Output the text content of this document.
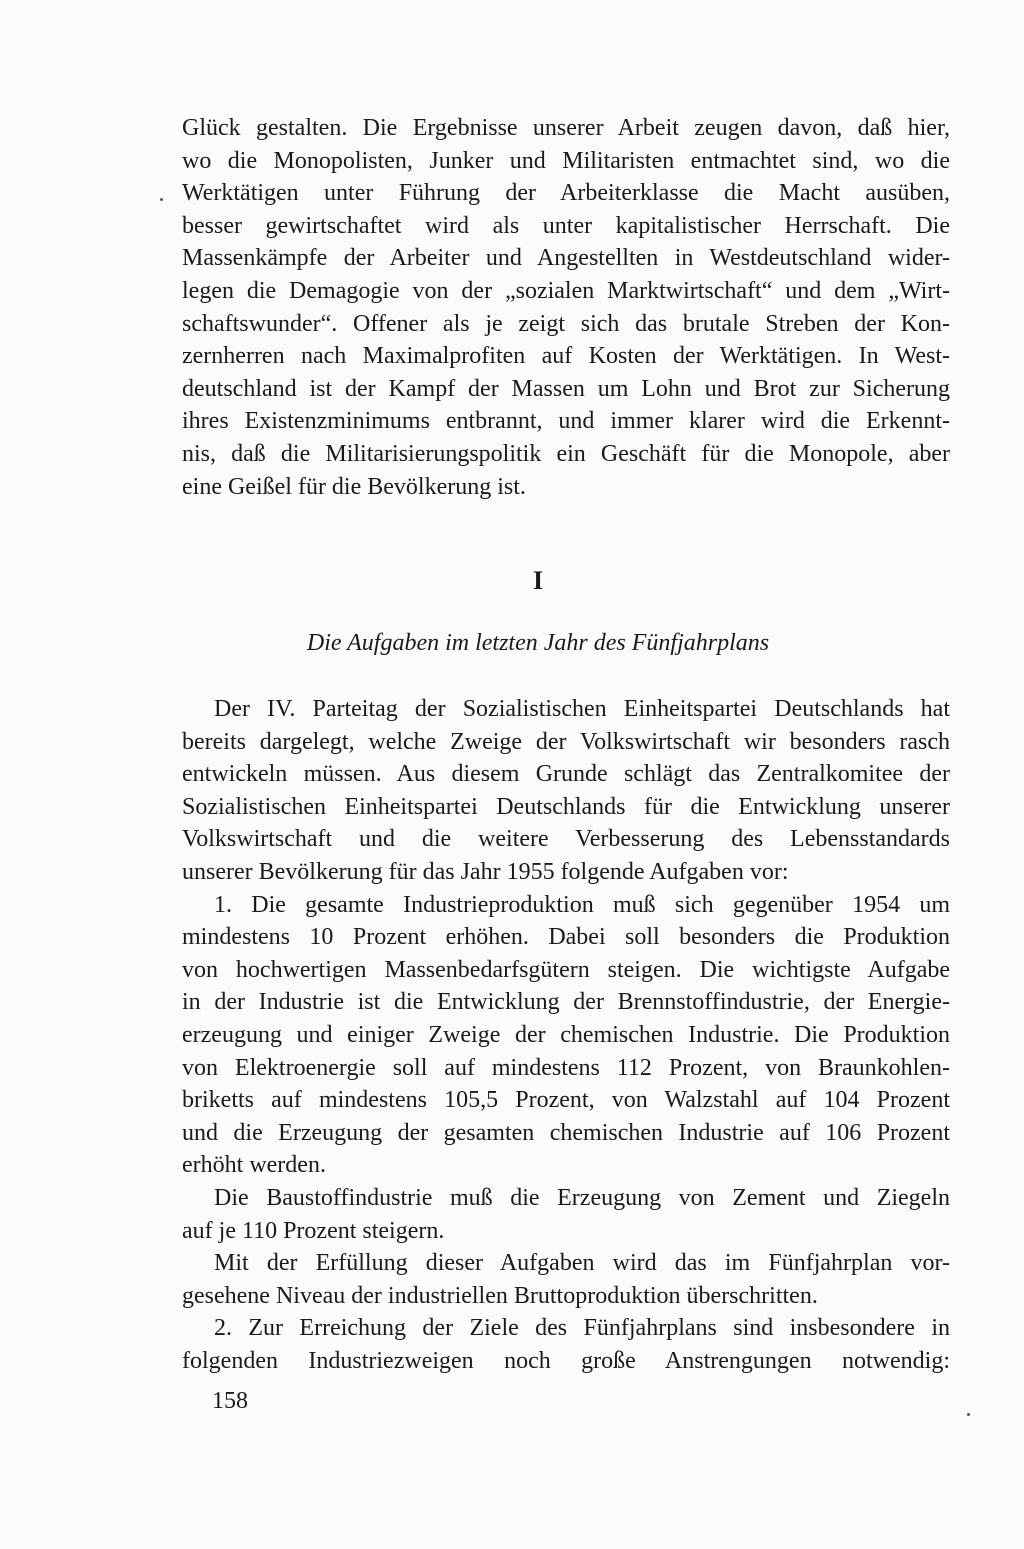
Glück gestalten. Die Ergebnisse unserer Arbeit zeugen davon, daß hier,
wo die Monopolisten, Junker und Militaristen entmachtet sind, wo die
Werktätigen unter Führung der Arbeiterklasse die Macht ausüben,
besser gewirtschaftet wird als unter kapitalistischer Herrschaft. Die
Massenkämpfe der Arbeiter und Angestellten in Westdeutschland wider-
legen die Demagogie von der „sozialen Marktwirtschaft“ und dem „Wirt-
schaftswunder“. Offener als je zeigt sich das brutale Streben der Kon-
zernherren nach Maximalprofiten auf Kosten der Werktätigen. In West-
deutschland ist der Kampf der Massen um Lohn und Brot zur Sicherung
ihres Existenzminimums entbrannt, und immer klarer wird die Erkennt-
nis, daß die Militarisierungspolitik ein Geschäft für die Monopole, aber
eine Geißel für die Bevölkerung ist.
I
Die Aufgaben im letzten Jahr des Fünfjahrplans
Der IV. Parteitag der Sozialistischen Einheitspartei Deutschlands hat
bereits dargelegt, welche Zweige der Volkswirtschaft wir besonders rasch
entwickeln müssen. Aus diesem Grunde schlägt das Zentralkomitee der
Sozialistischen Einheitspartei Deutschlands für die Entwicklung unserer
Volkswirtschaft und die weitere Verbesserung des Lebensstandards
unserer Bevölkerung für das Jahr 1955 folgende Aufgaben vor:
1. Die gesamte Industrieproduktion muß sich gegenüber 1954 um
mindestens 10 Prozent erhöhen. Dabei soll besonders die Produktion
von hochwertigen Massenbedarfsgütern steigen. Die wichtigste Aufgabe
in der Industrie ist die Entwicklung der Brennstoffindustrie, der Energie-
erzeugung und einiger Zweige der chemischen Industrie. Die Produktion
von Elektroenergie soll auf mindestens 112 Prozent, von Braunkohlen-
briketts auf mindestens 105,5 Prozent, von Walzstahl auf 104 Prozent
und die Erzeugung der gesamten chemischen Industrie auf 106 Prozent
erhöht werden.
Die Baustoffindustrie muß die Erzeugung von Zement und Ziegeln
auf je 110 Prozent steigern.
Mit der Erfüllung dieser Aufgaben wird das im Fünfjahrplan vor-
gesehene Niveau der industriellen Bruttoproduktion überschritten.
2. Zur Erreichung der Ziele des Fünfjahrplans sind insbesondere in
folgenden Industriezweigen noch große Anstrengungen notwendig:
158
